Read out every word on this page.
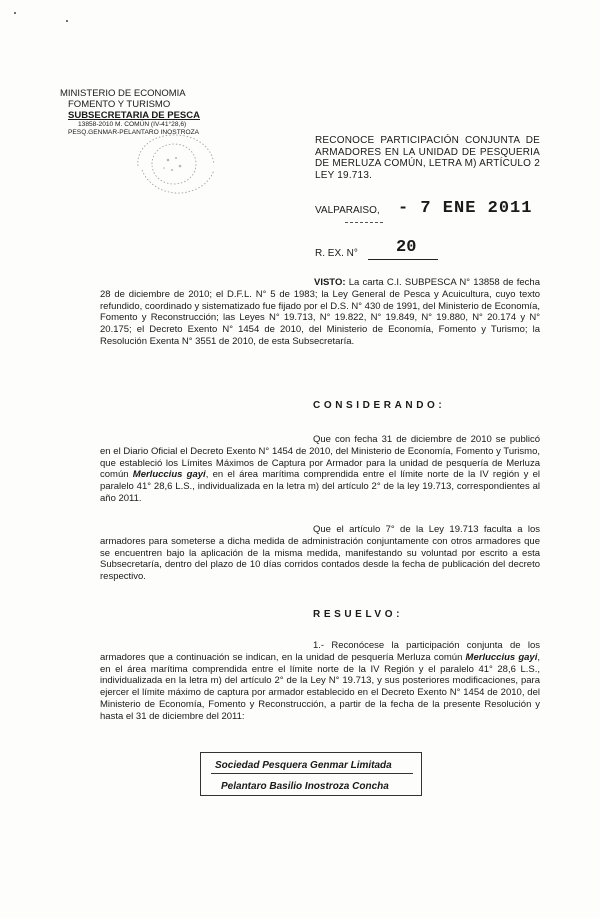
MINISTERIO DE ECONOMIA
FOMENTO Y TURISMO
SUBSECRETARIA DE PESCA
13858-2010 M. COMÚN (IV-41°28,6)
PESQ.GENMAR-PELANTARO INOSTROZA
RECONOCE PARTICIPACIÓN CONJUNTA DE ARMADORES EN LA UNIDAD DE PESQUERIA DE MERLUZA COMÚN, LETRA M) ARTÍCULO 2 LEY 19.713.
VALPARAISO, - 7 ENE 2011
R. EX. N° 20

VISTO: La carta C.I. SUBPESCA N° 13858 de fecha 28 de diciembre de 2010; el D.F.L. N° 5 de 1983; la Ley General de Pesca y Acuicultura, cuyo texto refundido, coordinado y sistematizado fue fijado por el D.S. N° 430 de 1991, del Ministerio de Economía, Fomento y Reconstrucción; las Leyes N° 19.713, N° 19.822, N° 19.849, N° 19.880, N° 20.174 y N° 20.175; el Decreto Exento N° 1454 de 2010, del Ministerio de Economía, Fomento y Turismo; la Resolución Exenta N° 3551 de 2010, de esta Subsecretaría.

CONSIDERANDO:

Que con fecha 31 de diciembre de 2010 se publicó en el Diario Oficial el Decreto Exento N° 1454 de 2010, del Ministerio de Economía, Fomento y Turismo, que estableció los Límites Máximos de Captura por Armador para la unidad de pesquería de Merluza común Merluccius gayi, en el área marítima comprendida entre el límite norte de la IV región y el paralelo 41° 28,6 L.S., individualizada en la letra m) del artículo 2° de la ley 19.713, correspondientes al año 2011.

Que el artículo 7° de la Ley 19.713 faculta a los armadores para someterse a dicha medida de administración conjuntamente con otros armadores que se encuentren bajo la aplicación de la misma medida, manifestando su voluntad por escrito a esta Subsecretaría, dentro del plazo de 10 días corridos contados desde la fecha de publicación del decreto respectivo.

RESUELVO:

1.- Reconócese la participación conjunta de los armadores que a continuación se indican, en la unidad de pesquería Merluza común Merluccius gayi, en el área marítima comprendida entre el límite norte de la IV Región y el paralelo 41° 28,6 L.S., individualizada en la letra m) del artículo 2° de la Ley N° 19.713, y sus posteriores modificaciones, para ejercer el límite máximo de captura por armador establecido en el Decreto Exento N° 1454 de 2010, del Ministerio de Economía, Fomento y Reconstrucción, a partir de la fecha de la presente Resolución y hasta el 31 de diciembre del 2011:

Sociedad Pesquera Genmar Limitada
Pelantaro Basilio Inostroza Concha
